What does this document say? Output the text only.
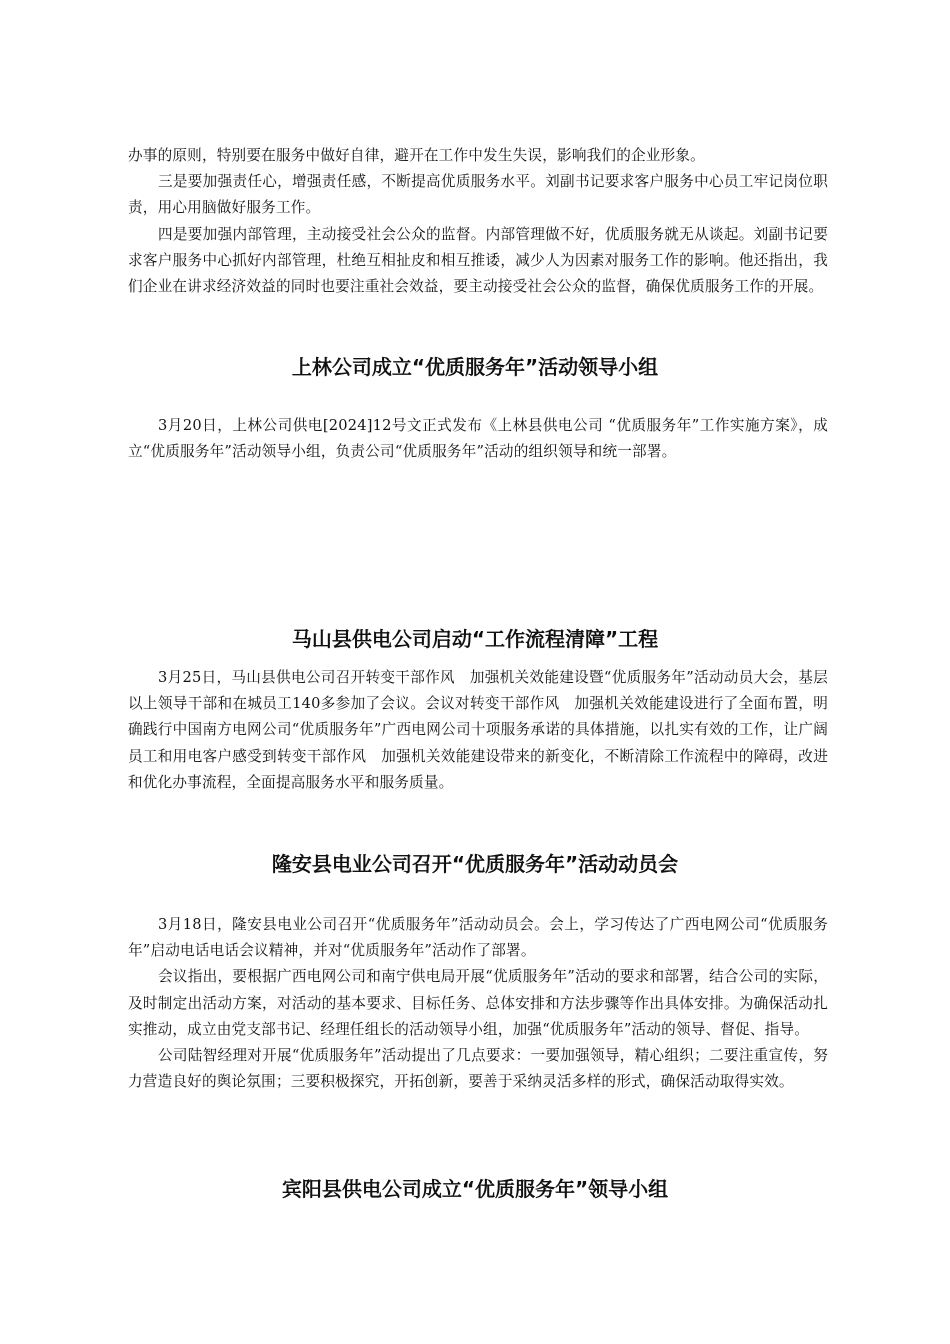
办事的原则，特别要在服务中做好自律，避开在工作中发生失误，影响我们的企业形象。

三是要加强责任心，增强责任感，不断提高优质服务水平。刘副书记要求客户服务中心员工牢记岗位职责，用心用脑做好服务工作。

四是要加强内部管理，主动接受社会公众的监督。内部管理做不好，优质服务就无从谈起。刘副书记要求客户服务中心抓好内部管理，杜绝互相扯皮和相互推诿，减少人为因素对服务工作的影响。他还指出，我们企业在讲求经济效益的同时也要注重社会效益，要主动接受社会公众的监督，确保优质服务工作的开展。

上林公司成立“优质服务年”活动领导小组

3月20日，上林公司供电[2024]12号文正式发布《上林县供电公司 “优质服务年”工作实施方案》，成立“优质服务年”活动领导小组，负责公司“优质服务年”活动的组织领导和统一部署。

马山县供电公司启动“工作流程清障”工程

3月25日，马山县供电公司召开转变干部作风　加强机关效能建设暨“优质服务年”活动动员大会，基层以上领导干部和在城员工140多参加了会议。会议对转变干部作风　加强机关效能建设进行了全面布置，明确践行中国南方电网公司“优质服务年”广西电网公司十项服务承诺的具体措施，以扎实有效的工作，让广阔员工和用电客户感受到转变干部作风　加强机关效能建设带来的新变化，不断清除工作流程中的障碍，改进和优化办事流程，全面提高服务水平和服务质量。

隆安县电业公司召开“优质服务年”活动动员会

3月18日，隆安县电业公司召开“优质服务年”活动动员会。会上，学习传达了广西电网公司“优质服务年”启动电话电话会议精神，并对“优质服务年”活动作了部署。

会议指出，要根据广西电网公司和南宁供电局开展“优质服务年”活动的要求和部署，结合公司的实际，及时制定出活动方案，对活动的基本要求、目标任务、总体安排和方法步骤等作出具体安排。为确保活动扎实推动，成立由党支部书记、经理任组长的活动领导小组，加强“优质服务年”活动的领导、督促、指导。

公司陆智经理对开展“优质服务年”活动提出了几点要求：一要加强领导，精心组织；二要注重宣传，努力营造良好的舆论氛围；三要积极探究，开拓创新，要善于采纳灵活多样的形式，确保活动取得实效。

宾阳县供电公司成立“优质服务年”领导小组
